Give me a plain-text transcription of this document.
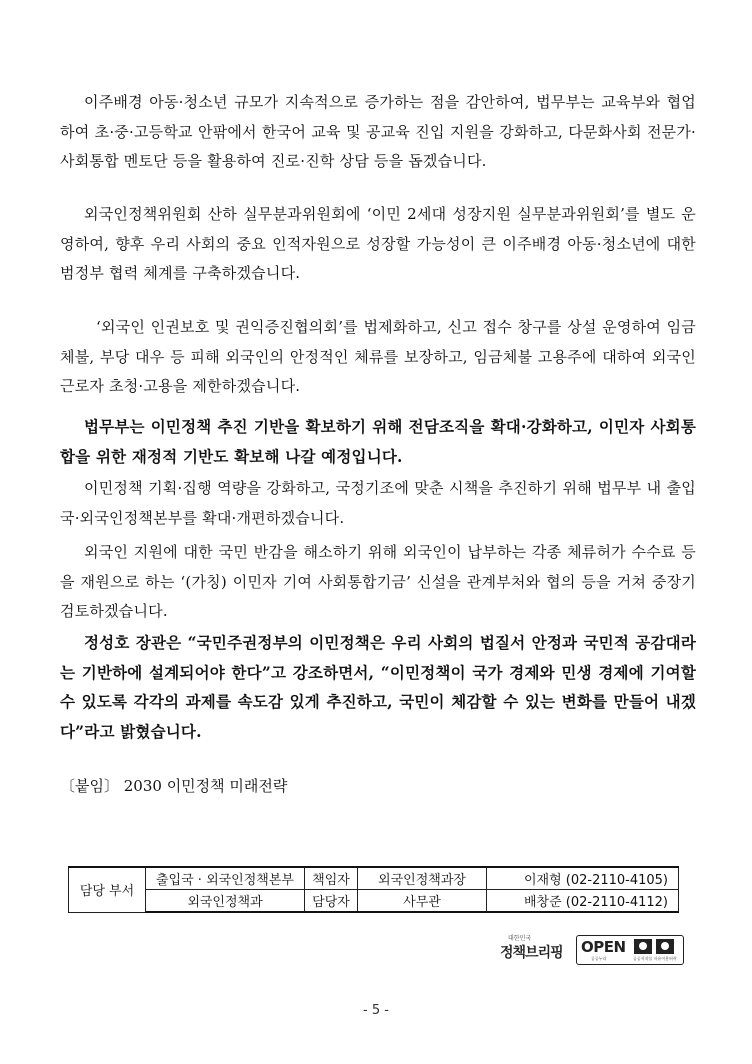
이주배경 아동·청소년 규모가 지속적으로 증가하는 점을 감안하여, 법무부는 교육부와 협업하여 초·중·고등학교 안팎에서 한국어 교육 및 공교육 진입 지원을 강화하고, 다문화사회 전문가·사회통합 멘토단 등을 활용하여 진로·진학 상담 등을 돕겠습니다.
외국인정책위원회 산하 실무분과위원회에 ‘이민 2세대 성장지원 실무분과위원회’를 별도 운영하여, 향후 우리 사회의 중요 인적자원으로 성장할 가능성이 큰 이주배경 아동·청소년에 대한 범정부 협력 체계를 구축하겠습니다.
‘외국인 인권보호 및 권익증진협의회’를 법제화하고, 신고 접수 창구를 상설 운영하여 임금체불, 부당 대우 등 피해 외국인의 안정적인 체류를 보장하고, 임금체불 고용주에 대하여 외국인근로자 초청·고용을 제한하겠습니다.
법무부는 이민정책 추진 기반을 확보하기 위해 전담조직을 확대·강화하고, 이민자 사회통합을 위한 재정적 기반도 확보해 나갈 예정입니다.
이민정책 기획·집행 역량을 강화하고, 국정기조에 맞춘 시책을 추진하기 위해 법무부 내 출입국·외국인정책본부를 확대·개편하겠습니다.
외국인 지원에 대한 국민 반감을 해소하기 위해 외국인이 납부하는 각종 체류허가 수수료 등을 재원으로 하는 ‘(가칭) 이민자 기여 사회통합기금’ 신설을 관계부처와 협의 등을 거쳐 중장기 검토하겠습니다.
정성호 장관은 “국민주권정부의 이민정책은 우리 사회의 법질서 안정과 국민적 공감대라는 기반하에 설계되어야 한다”고 강조하면서, “이민정책이 국가 경제와 민생 경제에 기여할 수 있도록 각각의 과제를 속도감 있게 추진하고, 국민이 체감할 수 있는 변화를 만들어 내겠다”라고 밝혔습니다.
〔붙임〕 2030 이민정책 미래전략
담당 부서	출입국 · 외국인정책본부	책임자	외국인정책과장	이재형 (02-2110-4105)
	외국인정책과	담당자	사무관	배창준 (02-2110-4112)
대한민국
정책브리핑 OPEN
공공누리	공공저작물 자유이용허락
- 5 -
